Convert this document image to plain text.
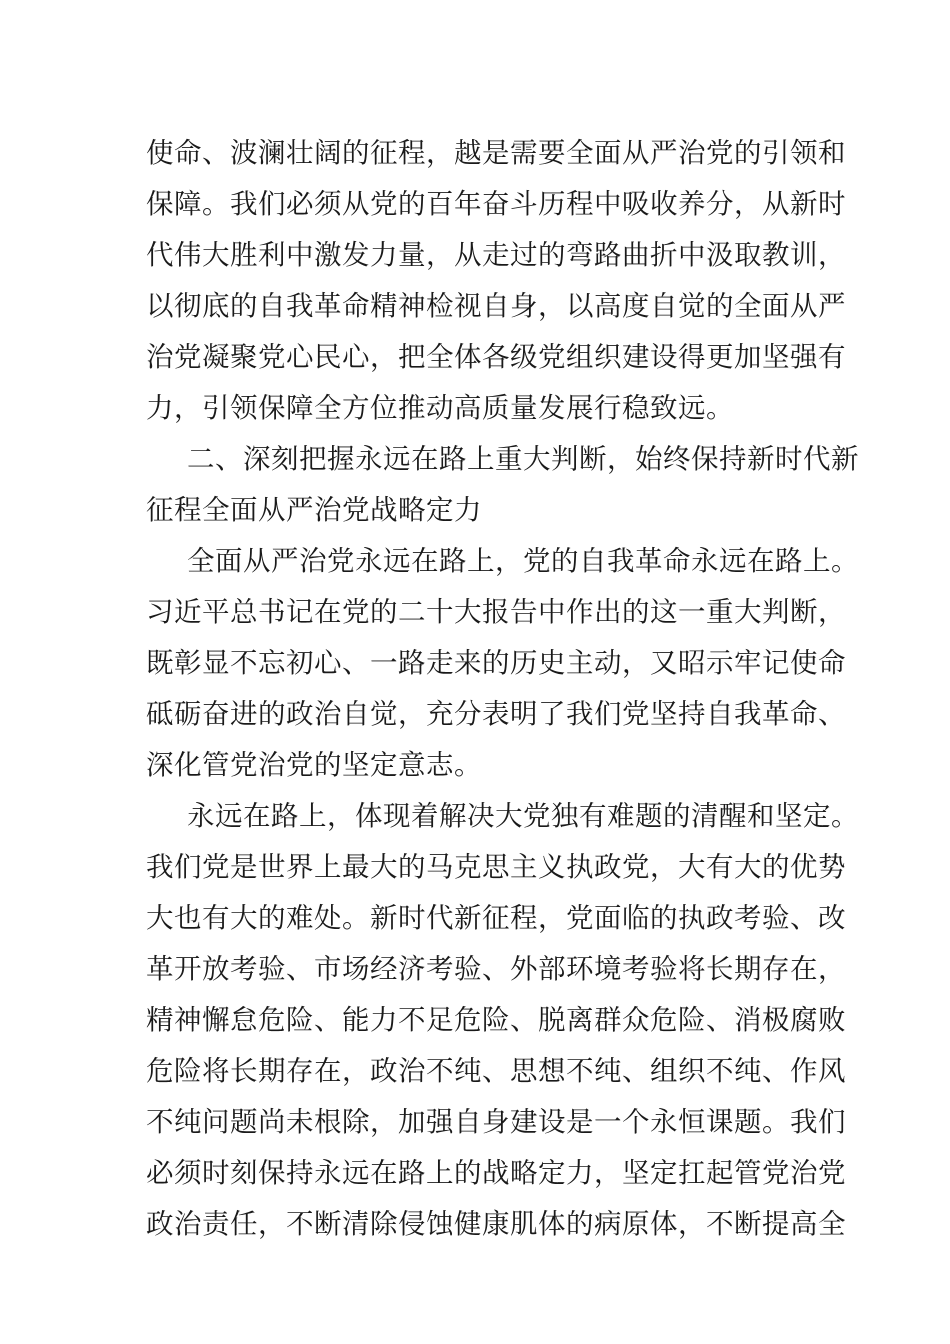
使命、波澜壮阔的征程，越是需要全面从严治党的引领和
保障。我们必须从党的百年奋斗历程中吸收养分，从新时
代伟大胜利中激发力量，从走过的弯路曲折中汲取教训，
以彻底的自我革命精神检视自身，以高度自觉的全面从严
治党凝聚党心民心，把全体各级党组织建设得更加坚强有
力，引领保障全方位推动高质量发展行稳致远。
二、深刻把握永远在路上重大判断，始终保持新时代新
征程全面从严治党战略定力
全面从严治党永远在路上，党的自我革命永远在路上。
习近平总书记在党的二十大报告中作出的这一重大判断，
既彰显不忘初心、一路走来的历史主动，又昭示牢记使命
砥砺奋进的政治自觉，充分表明了我们党坚持自我革命、
深化管党治党的坚定意志。
永远在路上，体现着解决大党独有难题的清醒和坚定。
我们党是世界上最大的马克思主义执政党，大有大的优势
大也有大的难处。新时代新征程，党面临的执政考验、改
革开放考验、市场经济考验、外部环境考验将长期存在，
精神懈怠危险、能力不足危险、脱离群众危险、消极腐败
危险将长期存在，政治不纯、思想不纯、组织不纯、作风
不纯问题尚未根除，加强自身建设是一个永恒课题。我们
必须时刻保持永远在路上的战略定力，坚定扛起管党治党
政治责任，不断清除侵蚀健康肌体的病原体，不断提高全
